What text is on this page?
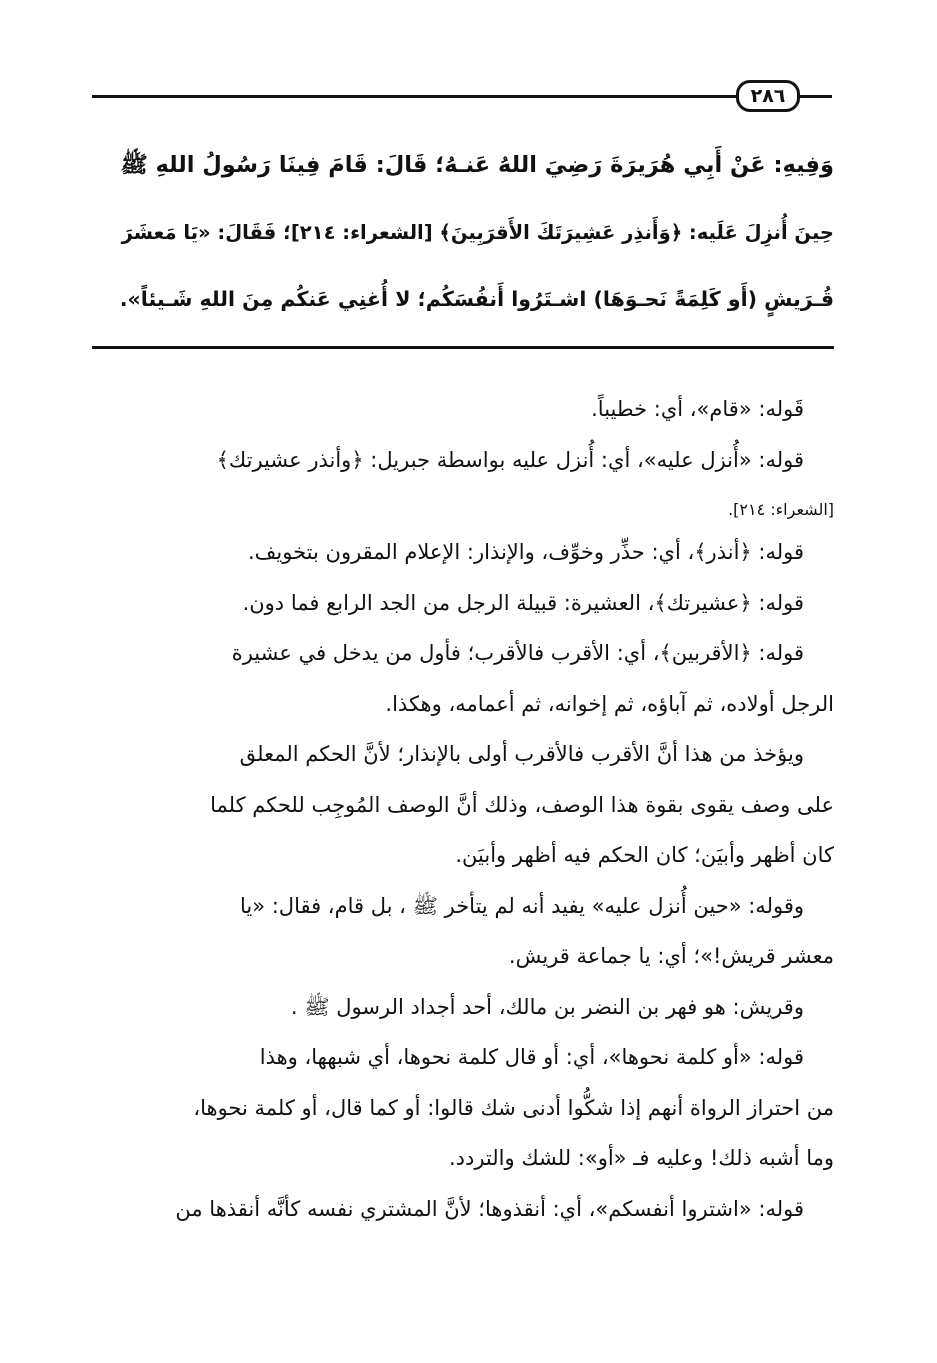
٢٨٦
وَفِيهِ: عَنْ أَبِي هُرَيرَةَ رَضِيَ اللهُ عَنـهُ؛ قَالَ: قَامَ فِينَا رَسُولُ اللهِ ﷺ
حِينَ أُنزِلَ عَلَيه: ﴿وَأَنذِر عَشِيرَتَكَ الأَقرَبِينَ﴾ [الشعراء: ٢١٤]؛ فَقَالَ: «يَا مَعشَرَ
قُـرَيشٍ (أَو كَلِمَةً نَحـوَهَا) اشـتَرُوا أَنفُسَكُم؛ لا أُغنِي عَنكُم مِنَ اللهِ شَـيئاً».
قَوله: «قام»، أي: خطيباً.
قوله: «أُنزل عليه»، أي: أُنزل عليه بواسطة جبريل: ﴿وأنذر عشيرتك﴾
[الشعراء: ٢١٤].
قوله: ﴿أنذر﴾، أي: حذِّر وخوِّف، والإنذار: الإعلام المقرون بتخويف.
قوله: ﴿عشيرتك﴾، العشيرة: قبيلة الرجل من الجد الرابع فما دون.
قوله: ﴿الأقربين﴾، أي: الأقرب فالأقرب؛ فأول من يدخل في عشيرة
الرجل أولاده، ثم آباؤه، ثم إخوانه، ثم أعمامه، وهكذا.
ويؤخذ من هذا أنَّ الأقرب فالأقرب أولى بالإنذار؛ لأنَّ الحكم المعلق
على وصف يقوى بقوة هذا الوصف، وذلك أنَّ الوصف المُوجِب للحكم كلما
كان أظهر وأبيَن؛ كان الحكم فيه أظهر وأبيَن.
وقوله: «حين أُنزل عليه» يفيد أنه لم يتأخر ﷺ ، بل قام، فقال: «يا
معشر قريش!»؛ أي: يا جماعة قريش.
وقريش: هو فهر بن النضر بن مالك، أحد أجداد الرسول ﷺ .
قوله: «أو كلمة نحوها»، أي: أو قال كلمة نحوها، أي شبهها، وهذا
من احتراز الرواة أنهم إذا شكُّوا أدنى شك قالوا: أو كما قال، أو كلمة نحوها،
وما أشبه ذلك! وعليه فـ «أو»: للشك والتردد.
قوله: «اشتروا أنفسكم»، أي: أنقذوها؛ لأنَّ المشتري نفسه كأنَّه أنقذها من
